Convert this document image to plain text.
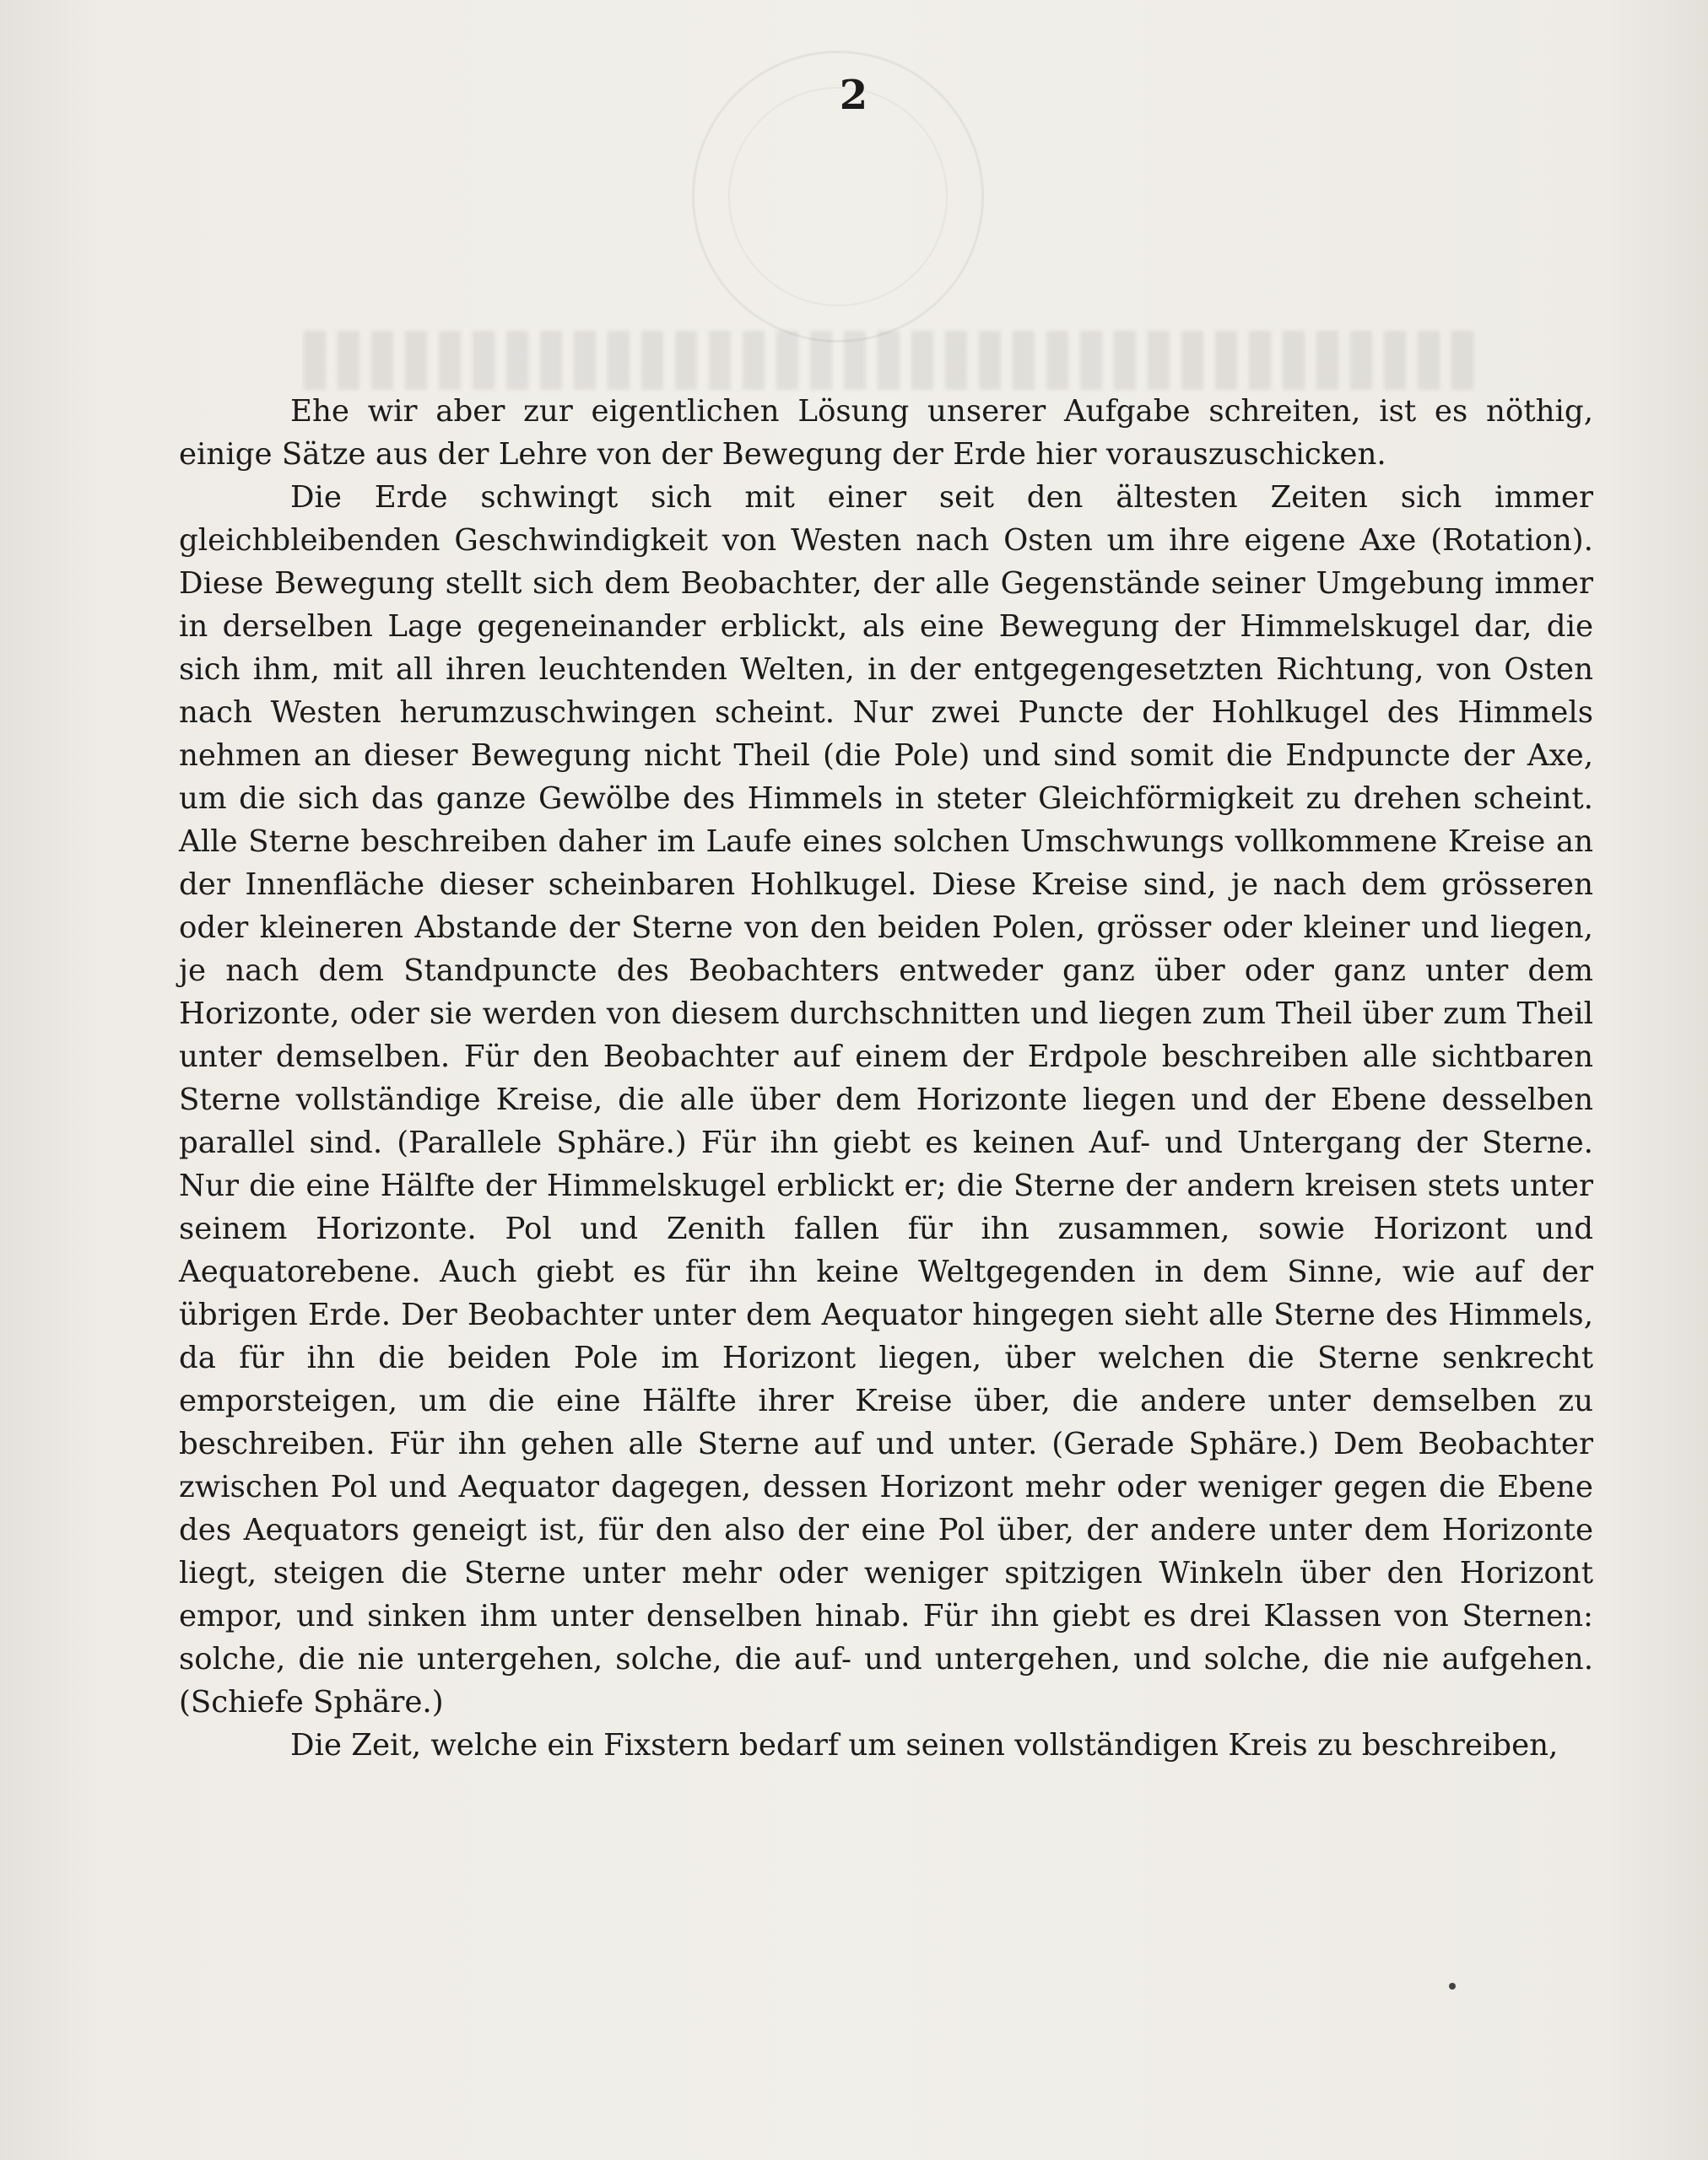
2

Ehe wir aber zur eigentlichen Lösung unserer Aufgabe schreiten, ist es nöthig, einige Sätze aus der Lehre von der Bewegung der Erde hier vorauszuschicken.

Die Erde schwingt sich mit einer seit den ältesten Zeiten sich immer gleichbleibenden Geschwindigkeit von Westen nach Osten um ihre eigene Axe (Rotation). Diese Bewegung stellt sich dem Beobachter, der alle Gegenstände seiner Umgebung immer in derselben Lage gegeneinander erblickt, als eine Bewegung der Himmelskugel dar, die sich ihm, mit all ihren leuchtenden Welten, in der entgegengesetzten Richtung, von Osten nach Westen herumzuschwingen scheint. Nur zwei Puncte der Hohlkugel des Himmels nehmen an dieser Bewegung nicht Theil (die Pole) und sind somit die Endpuncte der Axe, um die sich das ganze Gewölbe des Himmels in steter Gleichförmigkeit zu drehen scheint. Alle Sterne beschreiben daher im Laufe eines solchen Umschwungs vollkommene Kreise an der Innenfläche dieser scheinbaren Hohlkugel. Diese Kreise sind, je nach dem grösseren oder kleineren Abstande der Sterne von den beiden Polen, grösser oder kleiner und liegen, je nach dem Standpuncte des Beobachters entweder ganz über oder ganz unter dem Horizonte, oder sie werden von diesem durchschnitten und liegen zum Theil über zum Theil unter demselben. Für den Beobachter auf einem der Erdpole beschreiben alle sichtbaren Sterne vollständige Kreise, die alle über dem Horizonte liegen und der Ebene desselben parallel sind. (Parallele Sphäre.) Für ihn giebt es keinen Auf- und Untergang der Sterne. Nur die eine Hälfte der Himmelskugel erblickt er; die Sterne der andern kreisen stets unter seinem Horizonte. Pol und Zenith fallen für ihn zusammen, sowie Horizont und Aequatorebene. Auch giebt es für ihn keine Weltgegenden in dem Sinne, wie auf der übrigen Erde. Der Beobachter unter dem Aequator hingegen sieht alle Sterne des Himmels, da für ihn die beiden Pole im Horizont liegen, über welchen die Sterne senkrecht emporsteigen, um die eine Hälfte ihrer Kreise über, die andere unter demselben zu beschreiben. Für ihn gehen alle Sterne auf und unter. (Gerade Sphäre.) Dem Beobachter zwischen Pol und Aequator dagegen, dessen Horizont mehr oder weniger gegen die Ebene des Aequators geneigt ist, für den also der eine Pol über, der andere unter dem Horizonte liegt, steigen die Sterne unter mehr oder weniger spitzigen Winkeln über den Horizont empor, und sinken ihm unter denselben hinab. Für ihn giebt es drei Klassen von Sternen: solche, die nie untergehen, solche, die auf- und untergehen, und solche, die nie aufgehen. (Schiefe Sphäre.)

Die Zeit, welche ein Fixstern bedarf um seinen vollständigen Kreis zu beschreiben,
